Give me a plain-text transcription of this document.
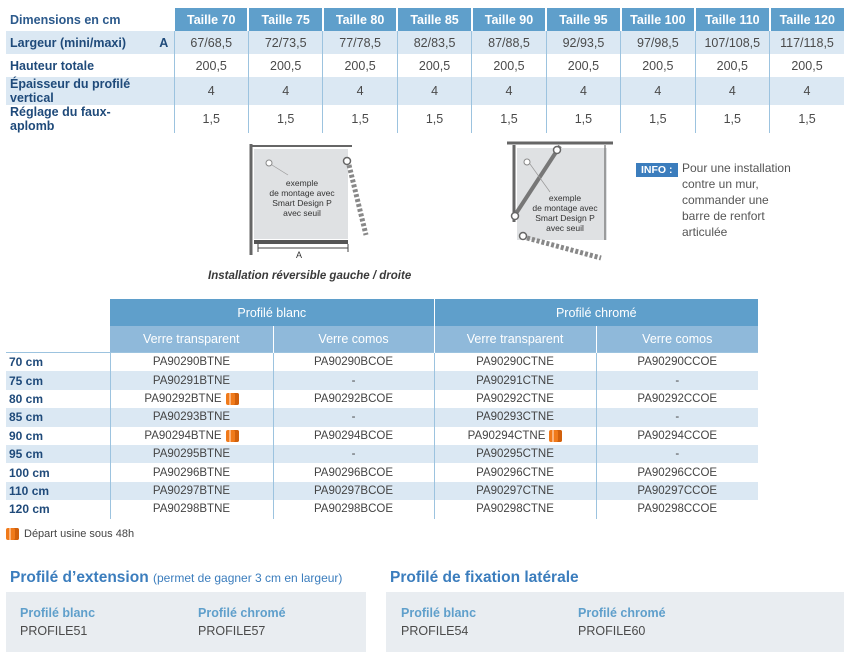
Dimensions en cm		Taille 70	Taille 75	Taille 80	Taille 85	Taille 90	Taille 95	Taille 100	Taille 110	Taille 120
Largeur (mini/maxi)	A	67/68,5	72/73,5	77/78,5	82/83,5	87/88,5	92/93,5	97/98,5	107/108,5	117/118,5
Hauteur totale		200,5	200,5	200,5	200,5	200,5	200,5	200,5	200,5	200,5
Épaisseur du profilé vertical		4	4	4	4	4	4	4	4	4
Réglage du faux-aplomb		1,5	1,5	1,5	1,5	1,5	1,5	1,5	1,5	1,5
exemple
de montage avec
Smart Design P
avec seuil
A
Installation réversible gauche / droite
exemple
de montage avec
Smart Design P
avec seuil
INFO : Pour une installation
contre un mur,
commander une
barre de renfort
articulée
	Profilé blanc		Profilé chromé	
	Verre transparent	Verre comos	Verre transparent	Verre comos
70 cm	PA90290BTNE	PA90290BCOE	PA90290CTNE	PA90290CCOE
75 cm	PA90291BTNE	-	PA90291CTNE	-
80 cm	PA90292BTNE	PA90292BCOE	PA90292CTNE	PA90292CCOE
85 cm	PA90293BTNE	-	PA90293CTNE	-
90 cm	PA90294BTNE	PA90294BCOE	PA90294CTNE	PA90294CCOE
95 cm	PA90295BTNE	-	PA90295CTNE	-
100 cm	PA90296BTNE	PA90296BCOE	PA90296CTNE	PA90296CCOE
110 cm	PA90297BTNE	PA90297BCOE	PA90297CTNE	PA90297CCOE
120 cm	PA90298BTNE	PA90298BCOE	PA90298CTNE	PA90298CCOE
Départ usine sous 48h
Profilé d’extension (permet de gagner 3 cm en largeur)
Profilé blanc
PROFILE51
Profilé chromé
PROFILE57
Profilé de fixation latérale
Profilé blanc
PROFILE54
Profilé chromé
PROFILE60
